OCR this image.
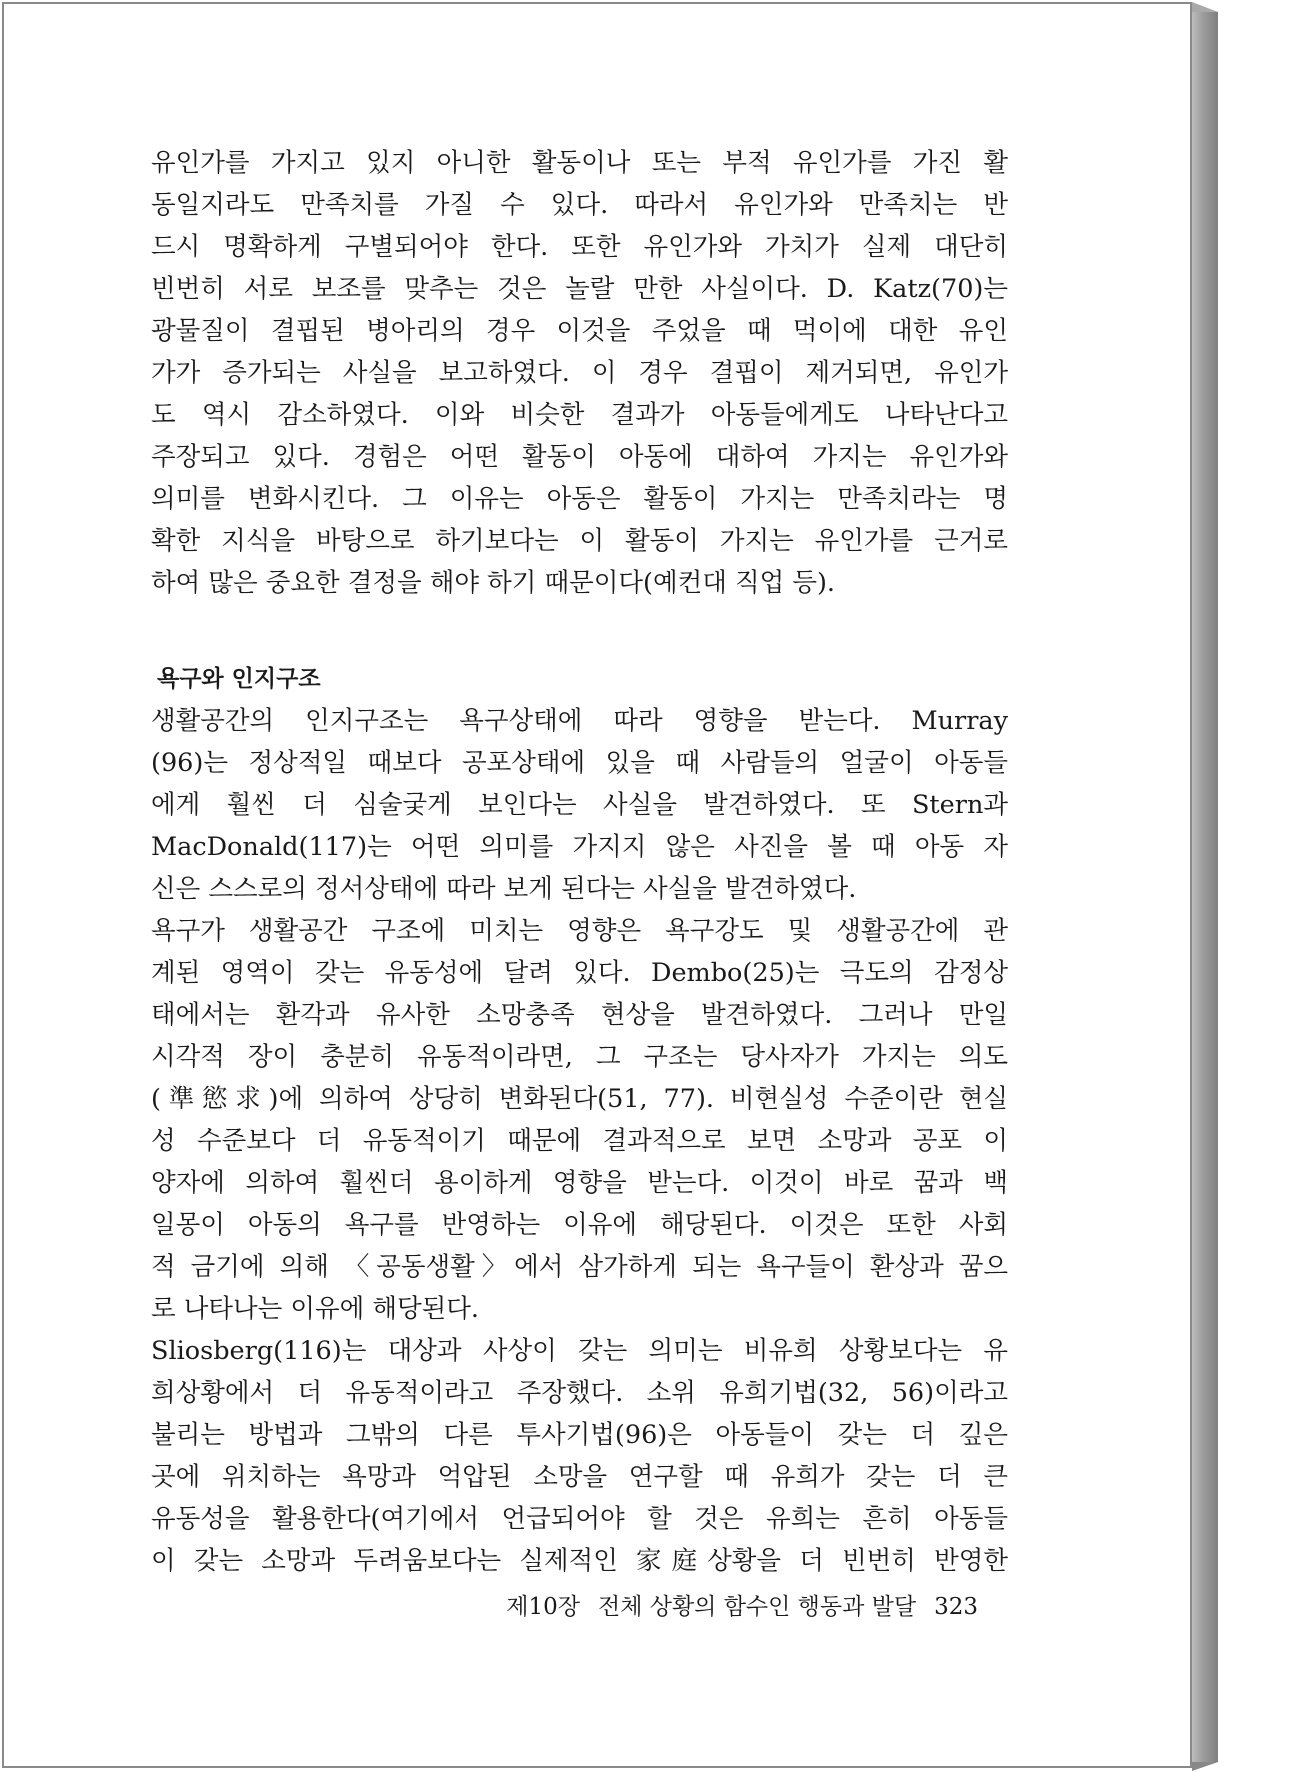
유인가를 가지고 있지 아니한 활동이나 또는 부적 유인가를 가진 활
동일지라도 만족치를 가질 수 있다. 따라서 유인가와 만족치는 반
드시 명확하게 구별되어야 한다. 또한 유인가와 가치가 실제 대단히
빈번히 서로 보조를 맞추는 것은 놀랄 만한 사실이다. D. Katz(70)는
광물질이 결핍된 병아리의 경우 이것을 주었을 때 먹이에 대한 유인
가가 증가되는 사실을 보고하였다. 이 경우 결핍이 제거되면, 유인가
도 역시 감소하였다. 이와 비슷한 결과가 아동들에게도 나타난다고
주장되고 있다. 경험은 어떤 활동이 아동에 대하여 가지는 유인가와
의미를 변화시킨다. 그 이유는 아동은 활동이 가지는 만족치라는 명
확한 지식을 바탕으로 하기보다는 이 활동이 가지는 유인가를 근거로
하여 많은 중요한 결정을 해야 하기 때문이다(예컨대 직업 등).
욕구와 인지구조
생활공간의 인지구조는 욕구상태에 따라 영향을 받는다. Murray
(96)는 정상적일 때보다 공포상태에 있을 때 사람들의 얼굴이 아동들
에게 훨씬 더 심술궂게 보인다는 사실을 발견하였다. 또 Stern과
MacDonald(117)는 어떤 의미를 가지지 않은 사진을 볼 때 아동 자
신은 스스로의 정서상태에 따라 보게 된다는 사실을 발견하였다.
욕구가 생활공간 구조에 미치는 영향은 욕구강도 및 생활공간에 관
계된 영역이 갖는 유동성에 달려 있다. Dembo(25)는 극도의 감정상
태에서는 환각과 유사한 소망충족 현상을 발견하였다. 그러나 만일
시각적 장이 충분히 유동적이라면, 그 구조는 당사자가 가지는 의도
(準慾求)에 의하여 상당히 변화된다(51, 77). 비현실성 수준이란 현실
성 수준보다 더 유동적이기 때문에 결과적으로 보면 소망과 공포 이
양자에 의하여 훨씬더 용이하게 영향을 받는다. 이것이 바로 꿈과 백
일몽이 아동의 욕구를 반영하는 이유에 해당된다. 이것은 또한 사회
적 금기에 의해 〈공동생활〉에서 삼가하게 되는 욕구들이 환상과 꿈으
로 나타나는 이유에 해당된다.
Sliosberg(116)는 대상과 사상이 갖는 의미는 비유희 상황보다는 유
희상황에서 더 유동적이라고 주장했다. 소위 유희기법(32, 56)이라고
불리는 방법과 그밖의 다른 투사기법(96)은 아동들이 갖는 더 깊은
곳에 위치하는 욕망과 억압된 소망을 연구할 때 유희가 갖는 더 큰
유동성을 활용한다(여기에서 언급되어야 할 것은 유희는 흔히 아동들
이 갖는 소망과 두려움보다는 실제적인 家庭상황을 더 빈번히 반영한
제10장 전체 상황의 함수인 행동과 발달 323
